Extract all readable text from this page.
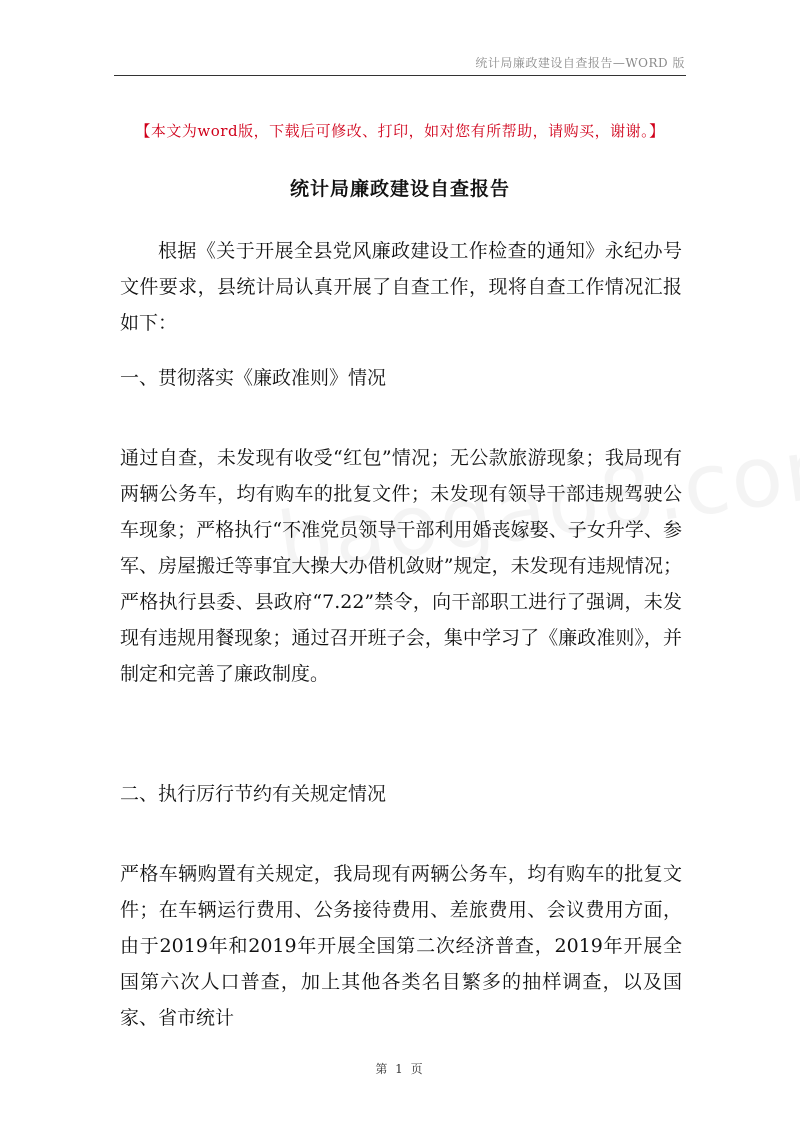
统计局廉政建设自查报告—WORD 版
【本文为word版，下载后可修改、打印，如对您有所帮助，请购买，谢谢。】
统计局廉政建设自查报告
根据《关于开展全县党风廉政建设工作检查的通知》永纪办号文件要求，县统计局认真开展了自查工作，现将自查工作情况汇报如下：
一、贯彻落实《廉政准则》情况
通过自查，未发现有收受“红包”情况；无公款旅游现象；我局现有两辆公务车，均有购车的批复文件；未发现有领导干部违规驾驶公车现象；严格执行“不准党员领导干部利用婚丧嫁娶、子女升学、参军、房屋搬迁等事宜大操大办借机敛财”规定，未发现有违规情况；严格执行县委、县政府“7.22”禁令，向干部职工进行了强调，未发现有违规用餐现象；通过召开班子会，集中学习了《廉政准则》，并制定和完善了廉政制度。
二、执行厉行节约有关规定情况
严格车辆购置有关规定，我局现有两辆公务车，均有购车的批复文件；在车辆运行费用、公务接待费用、差旅费用、会议费用方面，由于2019年和2019年开展全国第二次经济普查，2019年开展全国第六次人口普查，加上其他各类名目繁多的抽样调查，以及国家、省市统计
第 1 页
